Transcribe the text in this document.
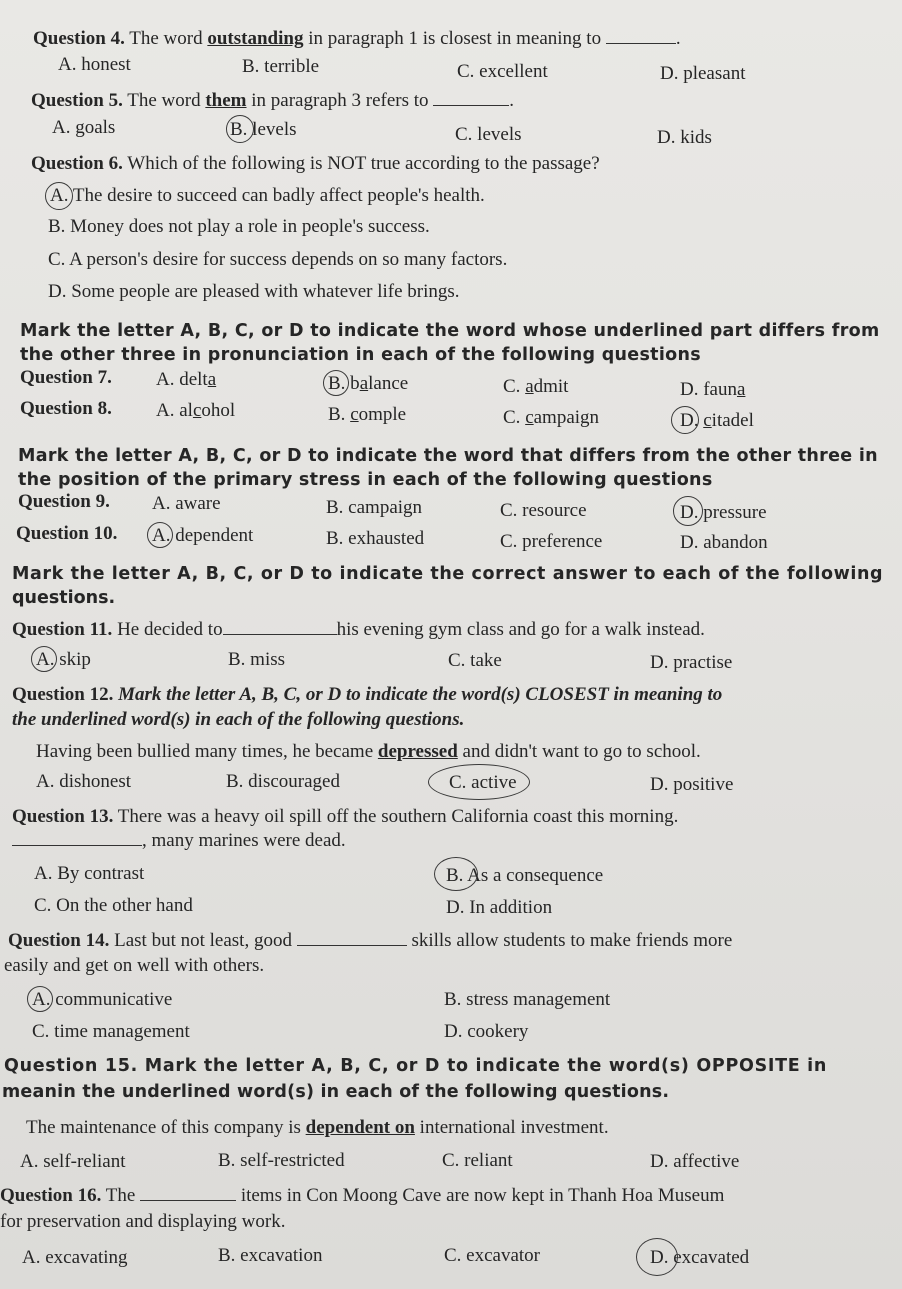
Question 4. The word outstanding in paragraph 1 is closest in meaning to	.
A. honest	B. terrible	C. excellent	D. pleasant
Question 5. The word them in paragraph 3 refers to	.
A. goals	B. levels	C. levels	D. kids
Question 6. Which of the following is NOT true according to the passage?
A. The desire to succeed can badly affect people's health.
B. Money does not play a role in people's success.
C. A person's desire for success depends on so many factors.
D. Some people are pleased with whatever life brings.
Mark the letter A, B, C, or D to indicate the word whose underlined part differs from
the other three in pronunciation in each of the following questions
Question 7. A. delta	B. balance	C. admit	D. fauna
Question 8. A. alcohol	B. comple	C. campaign	D. citadel
Mark the letter A, B, C, or D to indicate the word that differs from the other three in
the position of the primary stress in each of the following questions
Question 9. A. aware	B. campaign	C. resource	D. pressure
Question 10. A. dependent	B. exhausted	C. preference	D. abandon
Mark the letter A, B, C, or D to indicate the correct answer to each of the following
questions.
Question 11. He decided to	his evening gym class and go for a walk instead.
A. skip	B. miss	C. take	D. practise
Question 12. Mark the letter A, B, C, or D to indicate the word(s) CLOSEST in meaning to
the underlined word(s) in each of the following questions.
Having been bullied many times, he became depressed and didn't want to go to school.
A. dishonest	B. discouraged	C. active	D. positive
Question 13. There was a heavy oil spill off the southern California coast this morning.
, many marines were dead.
A. By contrast	B. As a consequence
C. On the other hand	D. In addition
Question 14. Last but not least, good	skills allow students to make friends more
easily and get on well with others.
A. communicative	B. stress management
C. time management	D. cookery
Question 15. Mark the letter A, B, C, or D to indicate the word(s) OPPOSITE in
meanin the underlined word(s) in each of the following questions.
The maintenance of this company is dependent on international investment.
A. self-reliant	B. self-restricted	C. reliant	D. affective
Question 16. The	items in Con Moong Cave are now kept in Thanh Hoa Museum
for preservation and displaying work.
A. excavating	B. excavation	C. excavator	D. excavated
